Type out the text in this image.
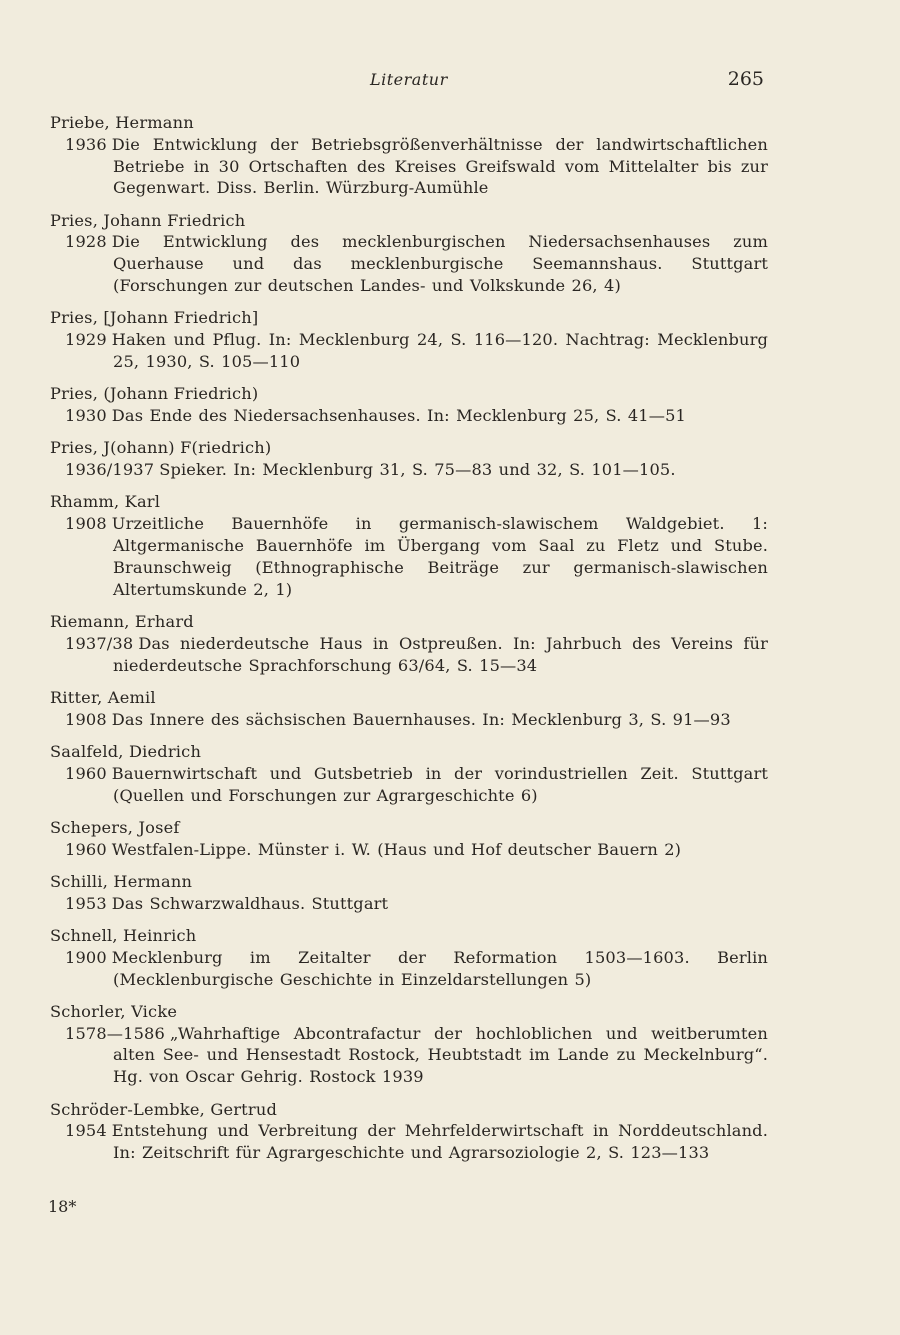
Literatur	265
Priebe, Hermann
1936 Die Entwicklung der Betriebsgrößenverhältnisse der landwirtschaftlichen Betriebe in 30 Ortschaften des Kreises Greifswald vom Mittelalter bis zur Gegenwart. Diss. Berlin. Würzburg-Aumühle
Pries, Johann Friedrich
1928 Die Entwicklung des mecklenburgischen Niedersachsenhauses zum Querhause und das mecklenburgische Seemannshaus. Stuttgart (Forschungen zur deutschen Landes- und Volkskunde 26, 4)
Pries, [Johann Friedrich]
1929 Haken und Pflug. In: Mecklenburg 24, S. 116—120. Nachtrag: Mecklenburg 25, 1930, S. 105—110
Pries, (Johann Friedrich)
1930 Das Ende des Niedersachsenhauses. In: Mecklenburg 25, S. 41—51
Pries, J(ohann) F(riedrich)
1936/1937 Spieker. In: Mecklenburg 31, S. 75—83 und 32, S. 101—105.
Rhamm, Karl
1908 Urzeitliche Bauernhöfe in germanisch-slawischem Waldgebiet. 1: Altgermanische Bauernhöfe im Übergang vom Saal zu Fletz und Stube. Braunschweig (Ethnographische Beiträge zur germanisch-slawischen Altertumskunde 2, 1)
Riemann, Erhard
1937/38 Das niederdeutsche Haus in Ostpreußen. In: Jahrbuch des Vereins für niederdeutsche Sprachforschung 63/64, S. 15—34
Ritter, Aemil
1908 Das Innere des sächsischen Bauernhauses. In: Mecklenburg 3, S. 91—93
Saalfeld, Diedrich
1960 Bauernwirtschaft und Gutsbetrieb in der vorindustriellen Zeit. Stuttgart (Quellen und Forschungen zur Agrargeschichte 6)
Schepers, Josef
1960 Westfalen-Lippe. Münster i. W. (Haus und Hof deutscher Bauern 2)
Schilli, Hermann
1953 Das Schwarzwaldhaus. Stuttgart
Schnell, Heinrich
1900 Mecklenburg im Zeitalter der Reformation 1503—1603. Berlin (Mecklenburgische Geschichte in Einzeldarstellungen 5)
Schorler, Vicke
1578—1586 „Wahrhaftige Abcontrafactur der hochloblichen und weitberumten alten See- und Hensestadt Rostock, Heubtstadt im Lande zu Meckelnburg“. Hg. von Oscar Gehrig. Rostock 1939
Schröder-Lembke, Gertrud
1954 Entstehung und Verbreitung der Mehrfelderwirtschaft in Norddeutschland. In: Zeitschrift für Agrargeschichte und Agrarsoziologie 2, S. 123—133
18*
